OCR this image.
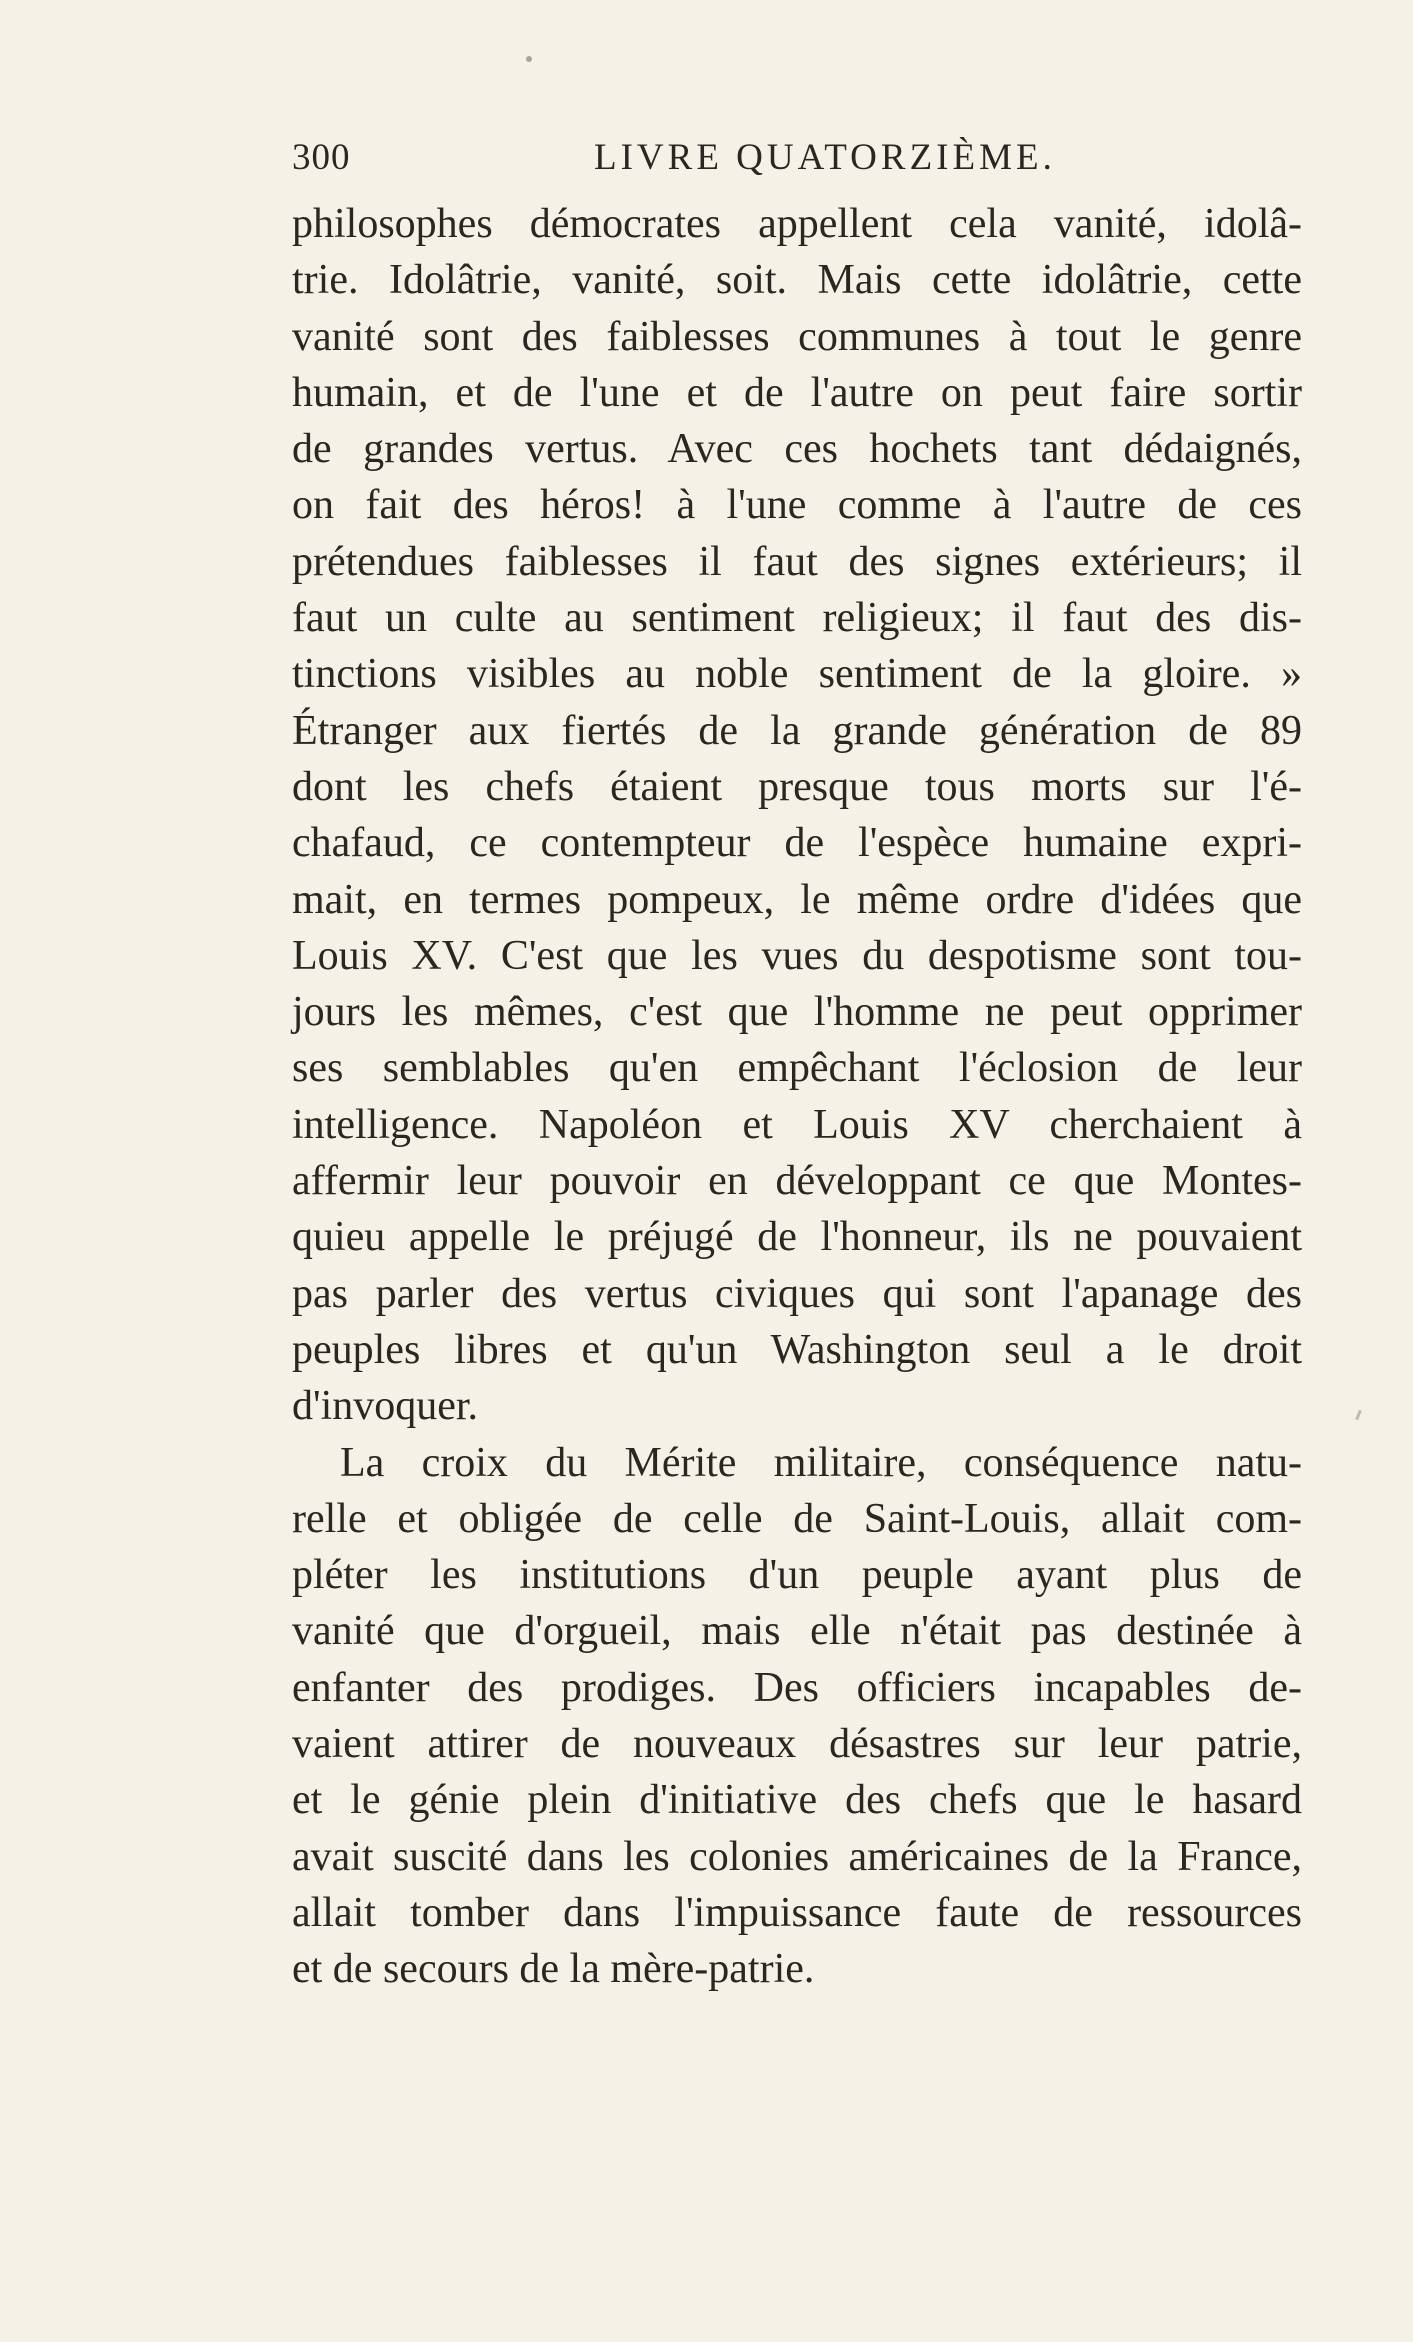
300	LIVRE QUATORZIÈME.
philosophes démocrates appellent cela vanité, idolâ-
trie. Idolâtrie, vanité, soit. Mais cette idolâtrie, cette
vanité sont des faiblesses communes à tout le genre
humain, et de l'une et de l'autre on peut faire sortir
de grandes vertus. Avec ces hochets tant dédaignés,
on fait des héros! à l'une comme à l'autre de ces
prétendues faiblesses il faut des signes extérieurs; il
faut un culte au sentiment religieux; il faut des dis-
tinctions visibles au noble sentiment de la gloire. »
Étranger aux fiertés de la grande génération de 89
dont les chefs étaient presque tous morts sur l'é-
chafaud, ce contempteur de l'espèce humaine expri-
mait, en termes pompeux, le même ordre d'idées que
Louis XV. C'est que les vues du despotisme sont tou-
jours les mêmes, c'est que l'homme ne peut opprimer
ses semblables qu'en empêchant l'éclosion de leur
intelligence. Napoléon et Louis XV cherchaient à
affermir leur pouvoir en développant ce que Montes-
quieu appelle le préjugé de l'honneur, ils ne pouvaient
pas parler des vertus civiques qui sont l'apanage des
peuples libres et qu'un Washington seul a le droit
d'invoquer.
La croix du Mérite militaire, conséquence natu-
relle et obligée de celle de Saint-Louis, allait com-
pléter les institutions d'un peuple ayant plus de
vanité que d'orgueil, mais elle n'était pas destinée à
enfanter des prodiges. Des officiers incapables de-
vaient attirer de nouveaux désastres sur leur patrie,
et le génie plein d'initiative des chefs que le hasard
avait suscité dans les colonies américaines de la France,
allait tomber dans l'impuissance faute de ressources
et de secours de la mère-patrie.
